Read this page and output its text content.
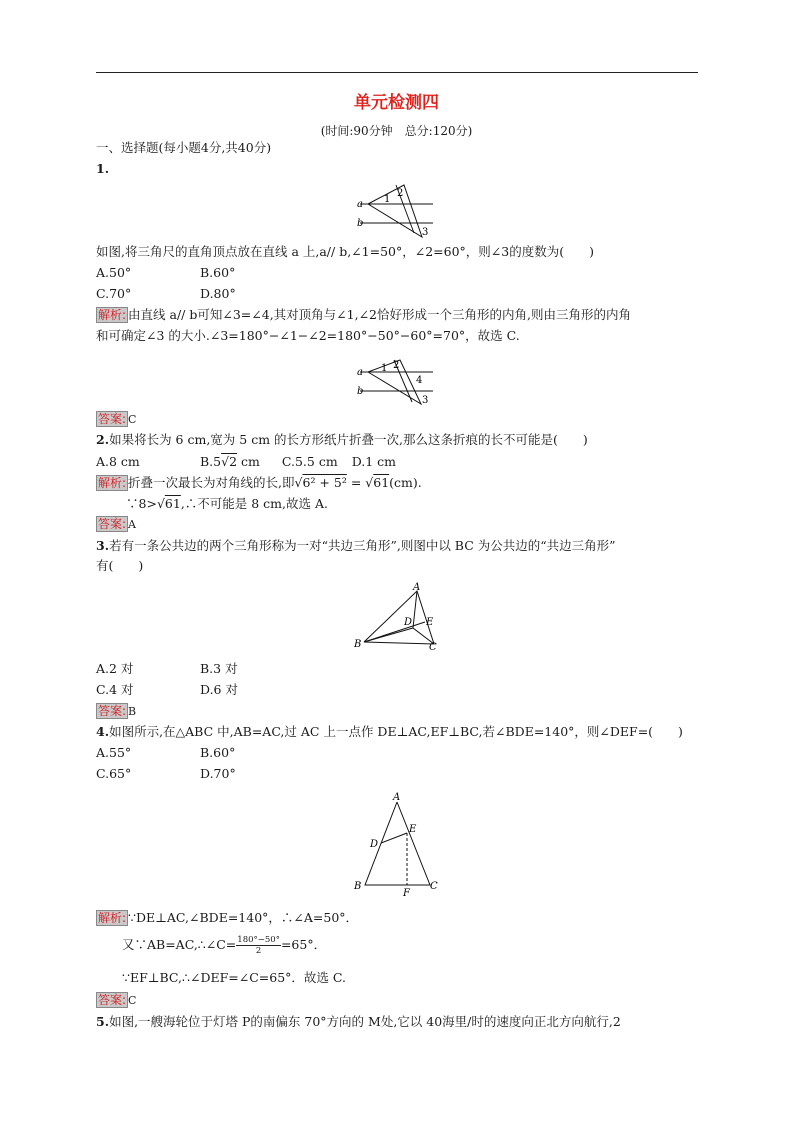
单元检测四
(时间:90分钟　总分:120分)
一、选择题(每小题4分,共40分)
1.
a
b
1
2
3
如图,将三角尺的直角顶点放在直线 a 上,a// b,∠1=50°，∠2=60°，则∠3的度数为(　　)
A.50°	B.60°
C.70°	D.80°
解析: 由直线 a// b可知∠3=∠4,其对顶角与∠1,∠2恰好形成一个三角形的内角,则由三角形的内角
和可确定∠3 的大小.∠3=180°−∠1−∠2=180°−50°−60°=70°，故选 C.
a
b
1 2
4
3
答案: C
2.如果将长为 6 cm,宽为 5 cm 的长方形纸片折叠一次,那么这条折痕的长不可能是(　　)
A.8 cm	B.5√2 cm C.5.5 cm D.1 cm
解析: 折叠一次最长为对角线的长,即√6² + 5² = √61(cm).
∵8>√61,∴不可能是 8 cm,故选 A.
答案: A
3.若有一条公共边的两个三角形称为一对“共边三角形”,则图中以 BC 为公共边的“共边三角形”
有(　　)
A
B	C
D E
A.2 对	B.3 对
C.4 对	D.6 对
答案: B
4.如图所示,在△ABC 中,AB=AC,过 AC 上一点作 DE⊥AC,EF⊥BC,若∠BDE=140°，则∠DEF=(　　)
A.55°	B.60°
C.65°	D.70°
A
B	C
D
E
F
解析: ∵DE⊥AC,∠BDE=140°，∴∠A=50°．
又∵AB=AC,∴∠C= $\frac{180^\circ-50^\circ}{2} =65^\circ$．
∵EF⊥BC,∴∠DEF=∠C=65°．故选 C.
答案: C
5.如图,一艘海轮位于灯塔 P的南偏东 70°方向的 M处,它以 40海里/时的速度向正北方向航行,2
